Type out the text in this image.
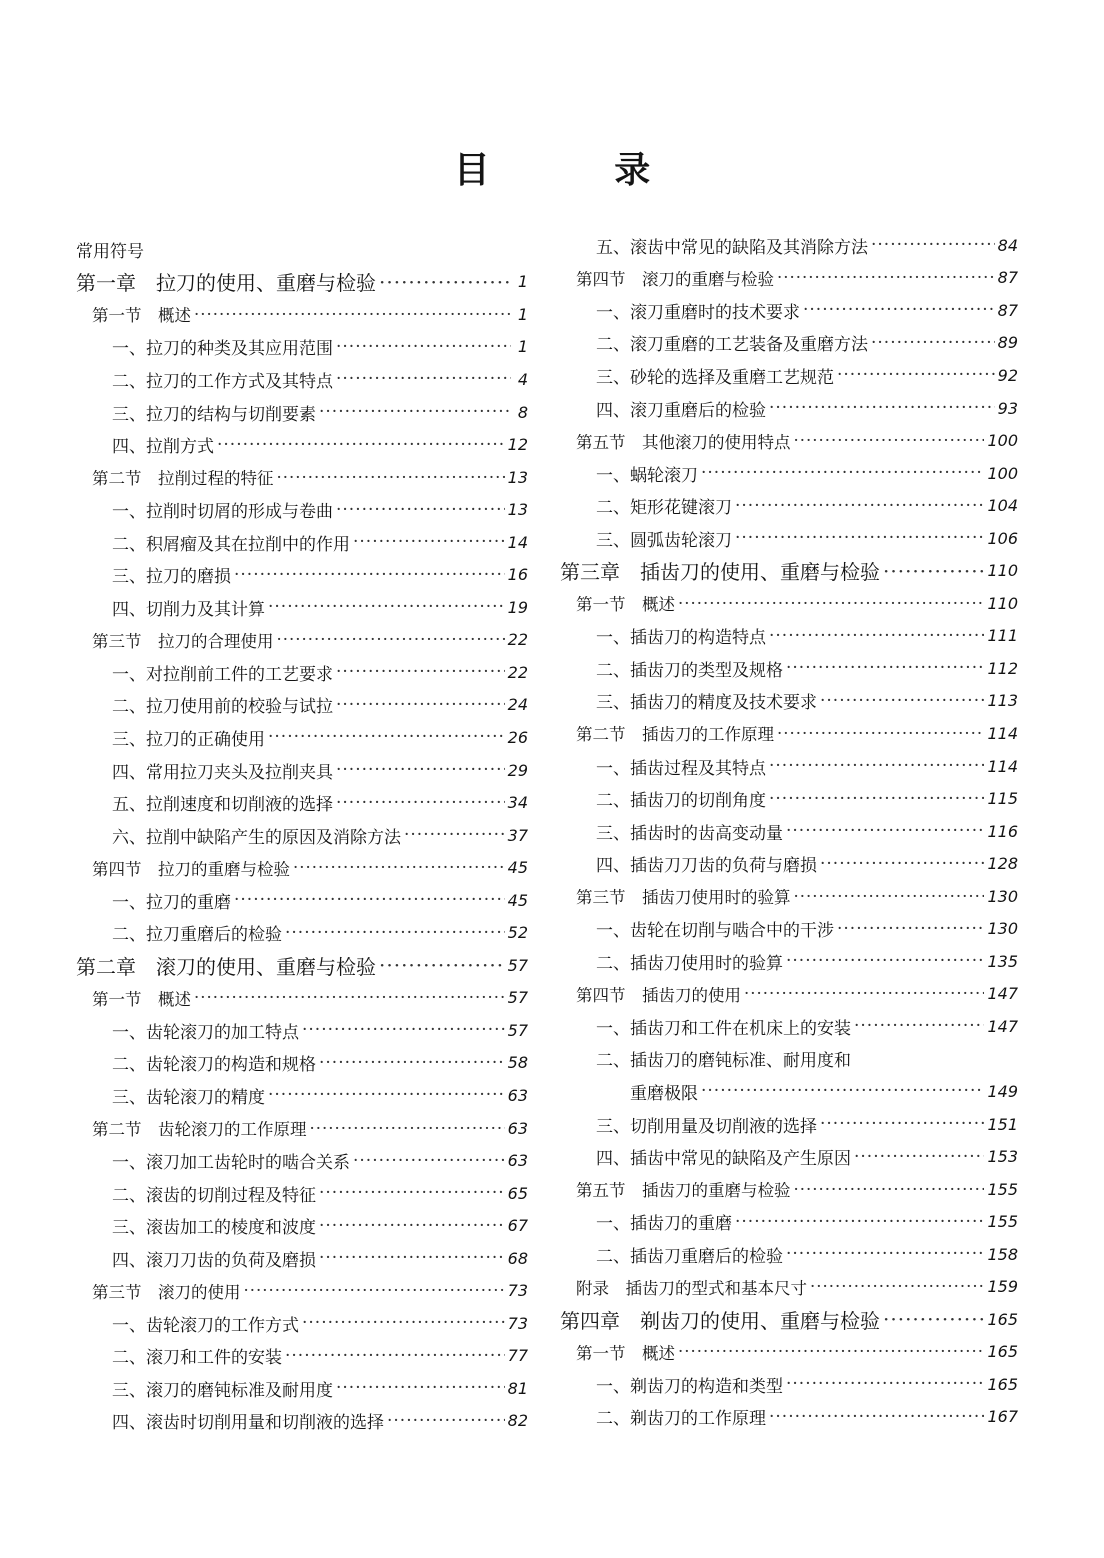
目 录
常用符号
第一章　拉刀的使用、重磨与检验 ·····	1
第一节　概述 ·····	1
一、拉刀的种类及其应用范围 ·····	1
二、拉刀的工作方式及其特点 ·····	4
三、拉刀的结构与切削要素 ·····	8
四、拉削方式 ·····	12
第二节　拉削过程的特征 ·····	13
一、拉削时切屑的形成与卷曲 ·····	13
二、积屑瘤及其在拉削中的作用 ·····	14
三、拉刀的磨损 ·····	16
四、切削力及其计算 ·····	19
第三节　拉刀的合理使用 ·····	22
一、对拉削前工件的工艺要求 ·····	22
二、拉刀使用前的校验与试拉 ·····	24
三、拉刀的正确使用 ·····	26
四、常用拉刀夹头及拉削夹具 ·····	29
五、拉削速度和切削液的选择 ·····	34
六、拉削中缺陷产生的原因及消除方法 ·····	37
第四节　拉刀的重磨与检验 ·····	45
一、拉刀的重磨 ·····	45
二、拉刀重磨后的检验 ·····	52
第二章　滚刀的使用、重磨与检验 ·····	57
第一节　概述 ·····	57
一、齿轮滚刀的加工特点 ·····	57
二、齿轮滚刀的构造和规格 ·····	58
三、齿轮滚刀的精度 ·····	63
第二节　齿轮滚刀的工作原理 ·····	63
一、滚刀加工齿轮时的啮合关系 ·····	63
二、滚齿的切削过程及特征 ·····	65
三、滚齿加工的棱度和波度 ·····	67
四、滚刀刀齿的负荷及磨损 ·····	68
第三节　滚刀的使用 ·····	73
一、齿轮滚刀的工作方式 ·····	73
二、滚刀和工件的安装 ·····	77
三、滚刀的磨钝标准及耐用度 ·····	81
四、滚齿时切削用量和切削液的选择 ·····	82
五、滚齿中常见的缺陷及其消除方法 ·····	84
第四节　滚刀的重磨与检验 ·····	87
一、滚刀重磨时的技术要求 ·····	87
二、滚刀重磨的工艺装备及重磨方法 ·····	89
三、砂轮的选择及重磨工艺规范 ·····	92
四、滚刀重磨后的检验 ·····	93
第五节　其他滚刀的使用特点 ·····	100
一、蜗轮滚刀 ·····	100
二、矩形花键滚刀 ·····	104
三、圆弧齿轮滚刀 ·····	106
第三章　插齿刀的使用、重磨与检验 ·····	110
第一节　概述 ·····	110
一、插齿刀的构造特点 ·····	111
二、插齿刀的类型及规格 ·····	112
三、插齿刀的精度及技术要求 ·····	113
第二节　插齿刀的工作原理 ·····	114
一、插齿过程及其特点 ·····	114
二、插齿刀的切削角度 ·····	115
三、插齿时的齿高变动量 ·····	116
四、插齿刀刀齿的负荷与磨损 ·····	128
第三节　插齿刀使用时的验算 ·····	130
一、齿轮在切削与啮合中的干涉 ·····	130
二、插齿刀使用时的验算 ·····	135
第四节　插齿刀的使用 ·····	147
一、插齿刀和工件在机床上的安装 ·····	147
二、插齿刀的磨钝标准、耐用度和
　　重磨极限 ·····	149
三、切削用量及切削液的选择 ·····	151
四、插齿中常见的缺陷及产生原因 ·····	153
第五节　插齿刀的重磨与检验 ·····	155
一、插齿刀的重磨 ·····	155
二、插齿刀重磨后的检验 ·····	158
附录　插齿刀的型式和基本尺寸 ·····	159
第四章　剃齿刀的使用、重磨与检验 ·····	165
第一节　概述 ·····	165
一、剃齿刀的构造和类型 ·····	165
二、剃齿刀的工作原理 ·····	167
